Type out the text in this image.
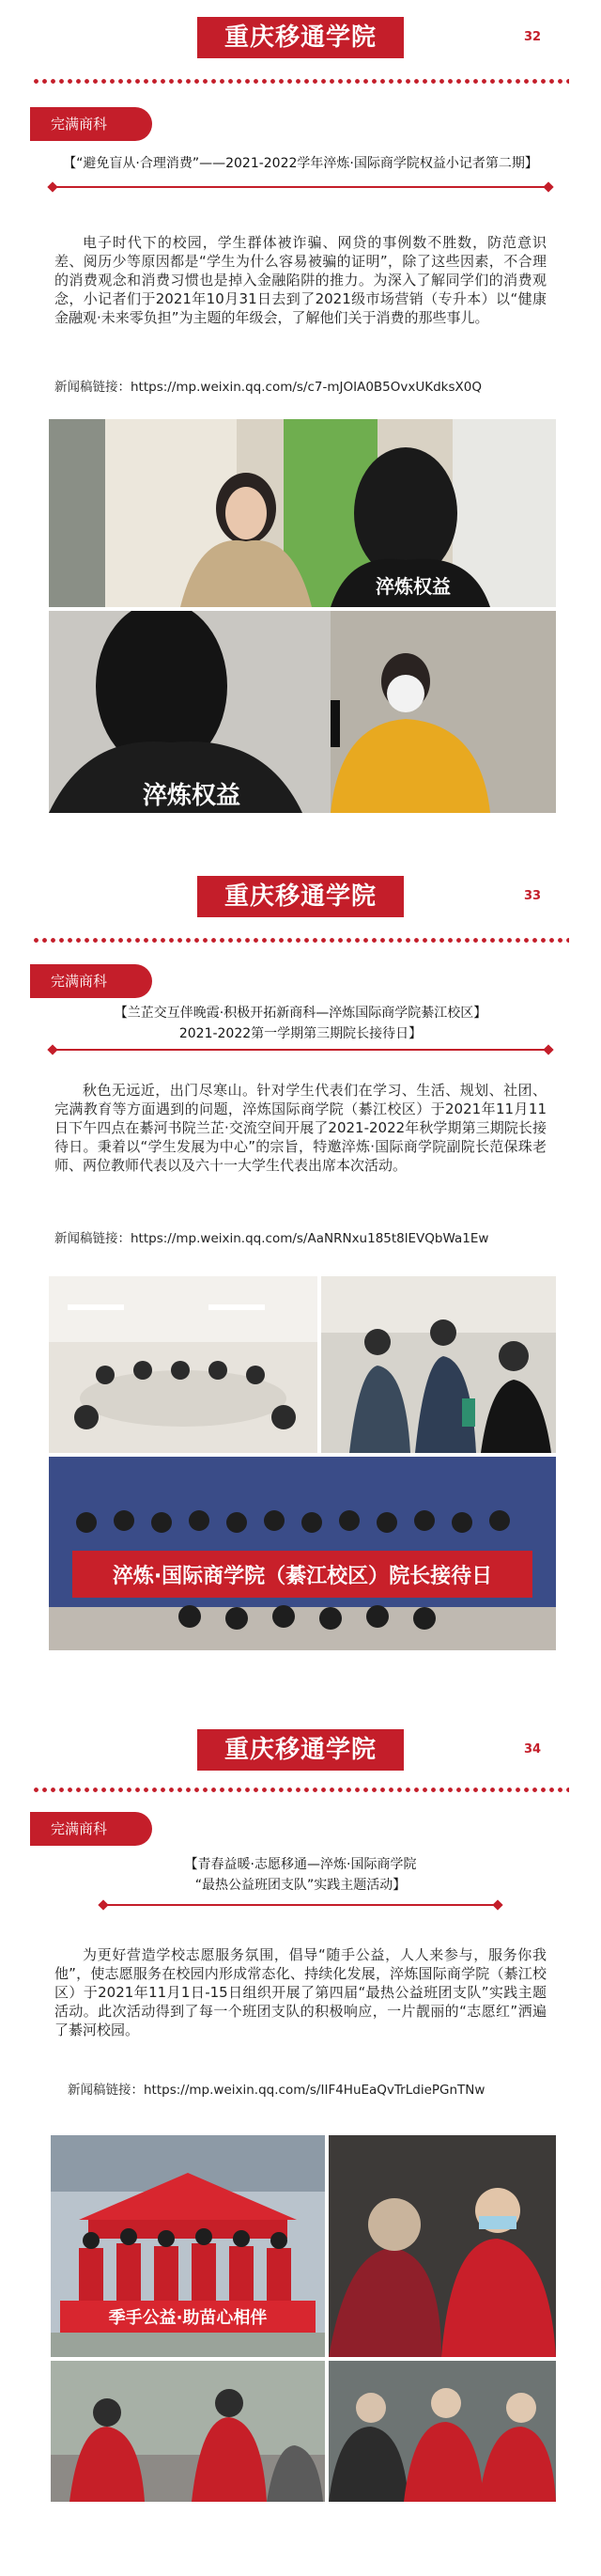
重庆移通学院	32
完满商科
【“避免盲从·合理消费”——2021-2022学年淬炼·国际商学院权益小记者第二期】
电子时代下的校园，学生群体被诈骗、网贷的事例数不胜数，防范意识差、阅历少等原因都是“学生为什么容易被骗的证明”，除了这些因素，不合理的消费观念和消费习惯也是掉入金融陷阱的推力。为深入了解同学们的消费观念，小记者们于2021年10月31日去到了2021级市场营销（专升本）以“健康金融观·未来零负担”为主题的年级会，了解他们关于消费的那些事儿。
新闻稿链接：https://mp.weixin.qq.com/s/c7-mJOIA0B5OvxUKdksX0Q
淬炼权益
淬炼权益
重庆移通学院	33
完满商科
【兰芷交互伴晚霞·积极开拓新商科—淬炼国际商学院綦江校区】
2021-2022第一学期第三期院长接待日】
秋色无远近，出门尽寒山。针对学生代表们在学习、生活、规划、社团、完满教育等方面遇到的问题，淬炼国际商学院（綦江校区）于2021年11月11日下午四点在綦河书院兰芷·交流空间开展了2021-2022年秋学期第三期院长接待日。秉着以“学生发展为中心”的宗旨，特邀淬炼·国际商学院副院长范保珠老师、两位教师代表以及六十一大学生代表出席本次活动。
新闻稿链接：https://mp.weixin.qq.com/s/AaNRNxu185t8lEVQbWa1Ew
淬炼·国际商学院（綦江校区）院长接待日
重庆移通学院	34
完满商科
【青春益暖·志愿移通—淬炼·国际商学院
“最热公益班团支队”实践主题活动】
为更好营造学校志愿服务氛围，倡导“随手公益，人人来参与，服务你我他”，使志愿服务在校园内形成常态化、持续化发展，淬炼国际商学院（綦江校区）于2021年11月1日-15日组织开展了第四届“最热公益班团支队”实践主题活动。此次活动得到了每一个班团支队的积极响应，一片靓丽的“志愿红”洒遍了綦河校园。
新闻稿链接：https://mp.weixin.qq.com/s/IIF4HuEaQvTrLdiePGnTNw
季手公益·助苗心相伴
